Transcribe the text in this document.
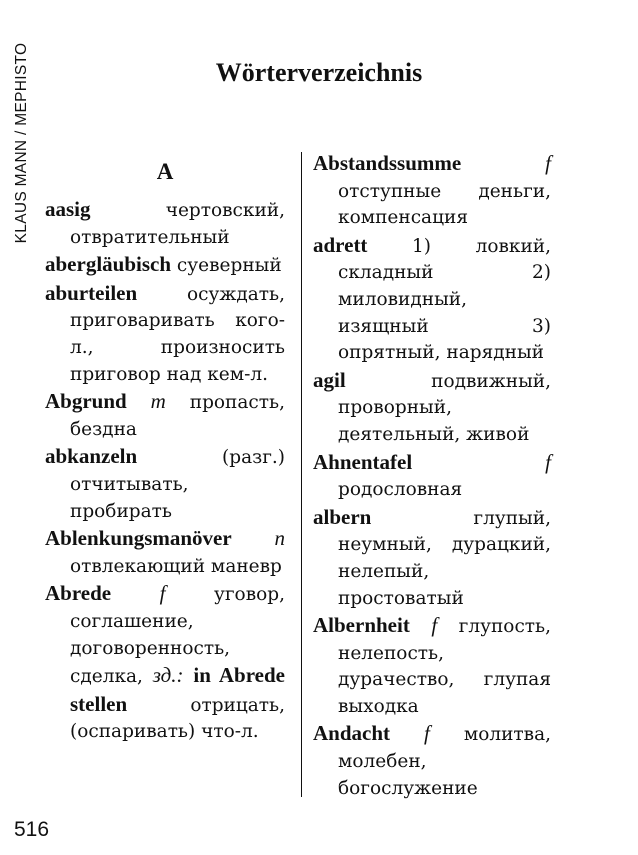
KLAUS MANN / MEPHISTO	Wörterverzeichnis
A
aasig	чертовский, отвратительный
abergläubisch суеверный
aburteilen	осуждать, приговаривать кого-л., произносить приговор над кем-л.
Abgrund m пропасть, бездна
abkanzeln	(разг.) отчитывать, пробирать
Ablenkungsmanöver n отвлекающий маневр
Abrede f	уговор, соглашение, договоренность, сделка, зд.: in Abrede stellen	отрицать, (оспаривать) что-л.
Abstandssumme	f отступные деньги, компенсация
adrett 1) ловкий, складный 2) миловидный, изящный 3) опрятный, нарядный
agil	подвижный, проворный, деятельный, живой
Ahnentafel	f родословная
albern	глупый, неумный, дурацкий, нелепый, простоватый
Albernheit f глупость, нелепость, дурачество, глупая выходка
Andacht f молитва, молебен, богослужение
516
